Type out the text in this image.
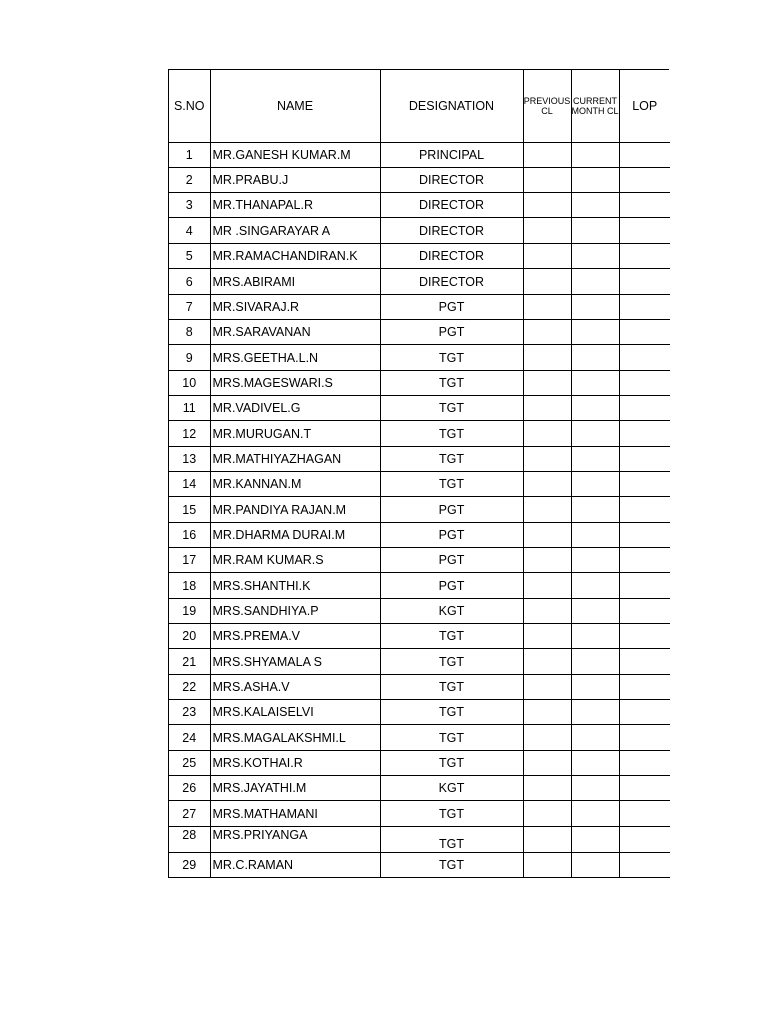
S.NO	NAME	DESIGNATION	PREVIOUS CL	CURRENT MONTH CL	LOP
1	MR.GANESH KUMAR.M	PRINCIPAL			
2	MR.PRABU.J	DIRECTOR			
3	MR.THANAPAL.R	DIRECTOR			
4	MR .SINGARAYAR A	DIRECTOR			
5	MR.RAMACHANDIRAN.K	DIRECTOR			
6	MRS.ABIRAMI	DIRECTOR			
7	MR.SIVARAJ.R	PGT			
8	MR.SARAVANAN	PGT			
9	MRS.GEETHA.L.N	TGT			
10	MRS.MAGESWARI.S	TGT			
11	MR.VADIVEL.G	TGT			
12	MR.MURUGAN.T	TGT			
13	MR.MATHIYAZHAGAN	TGT			
14	MR.KANNAN.M	TGT			
15	MR.PANDIYA RAJAN.M	PGT			
16	MR.DHARMA DURAI.M	PGT			
17	MR.RAM KUMAR.S	PGT			
18	MRS.SHANTHI.K	PGT			
19	MRS.SANDHIYA.P	KGT			
20	MRS.PREMA.V	TGT			
21	MRS.SHYAMALA S	TGT			
22	MRS.ASHA.V	TGT			
23	MRS.KALAISELVI	TGT			
24	MRS.MAGALAKSHMI.L	TGT			
25	MRS.KOTHAI.R	TGT			
26	MRS.JAYATHI.M	KGT			
27	MRS.MATHAMANI	TGT			
28	MRS.PRIYANGA	TGT			
29	MR.C.RAMAN	TGT			
